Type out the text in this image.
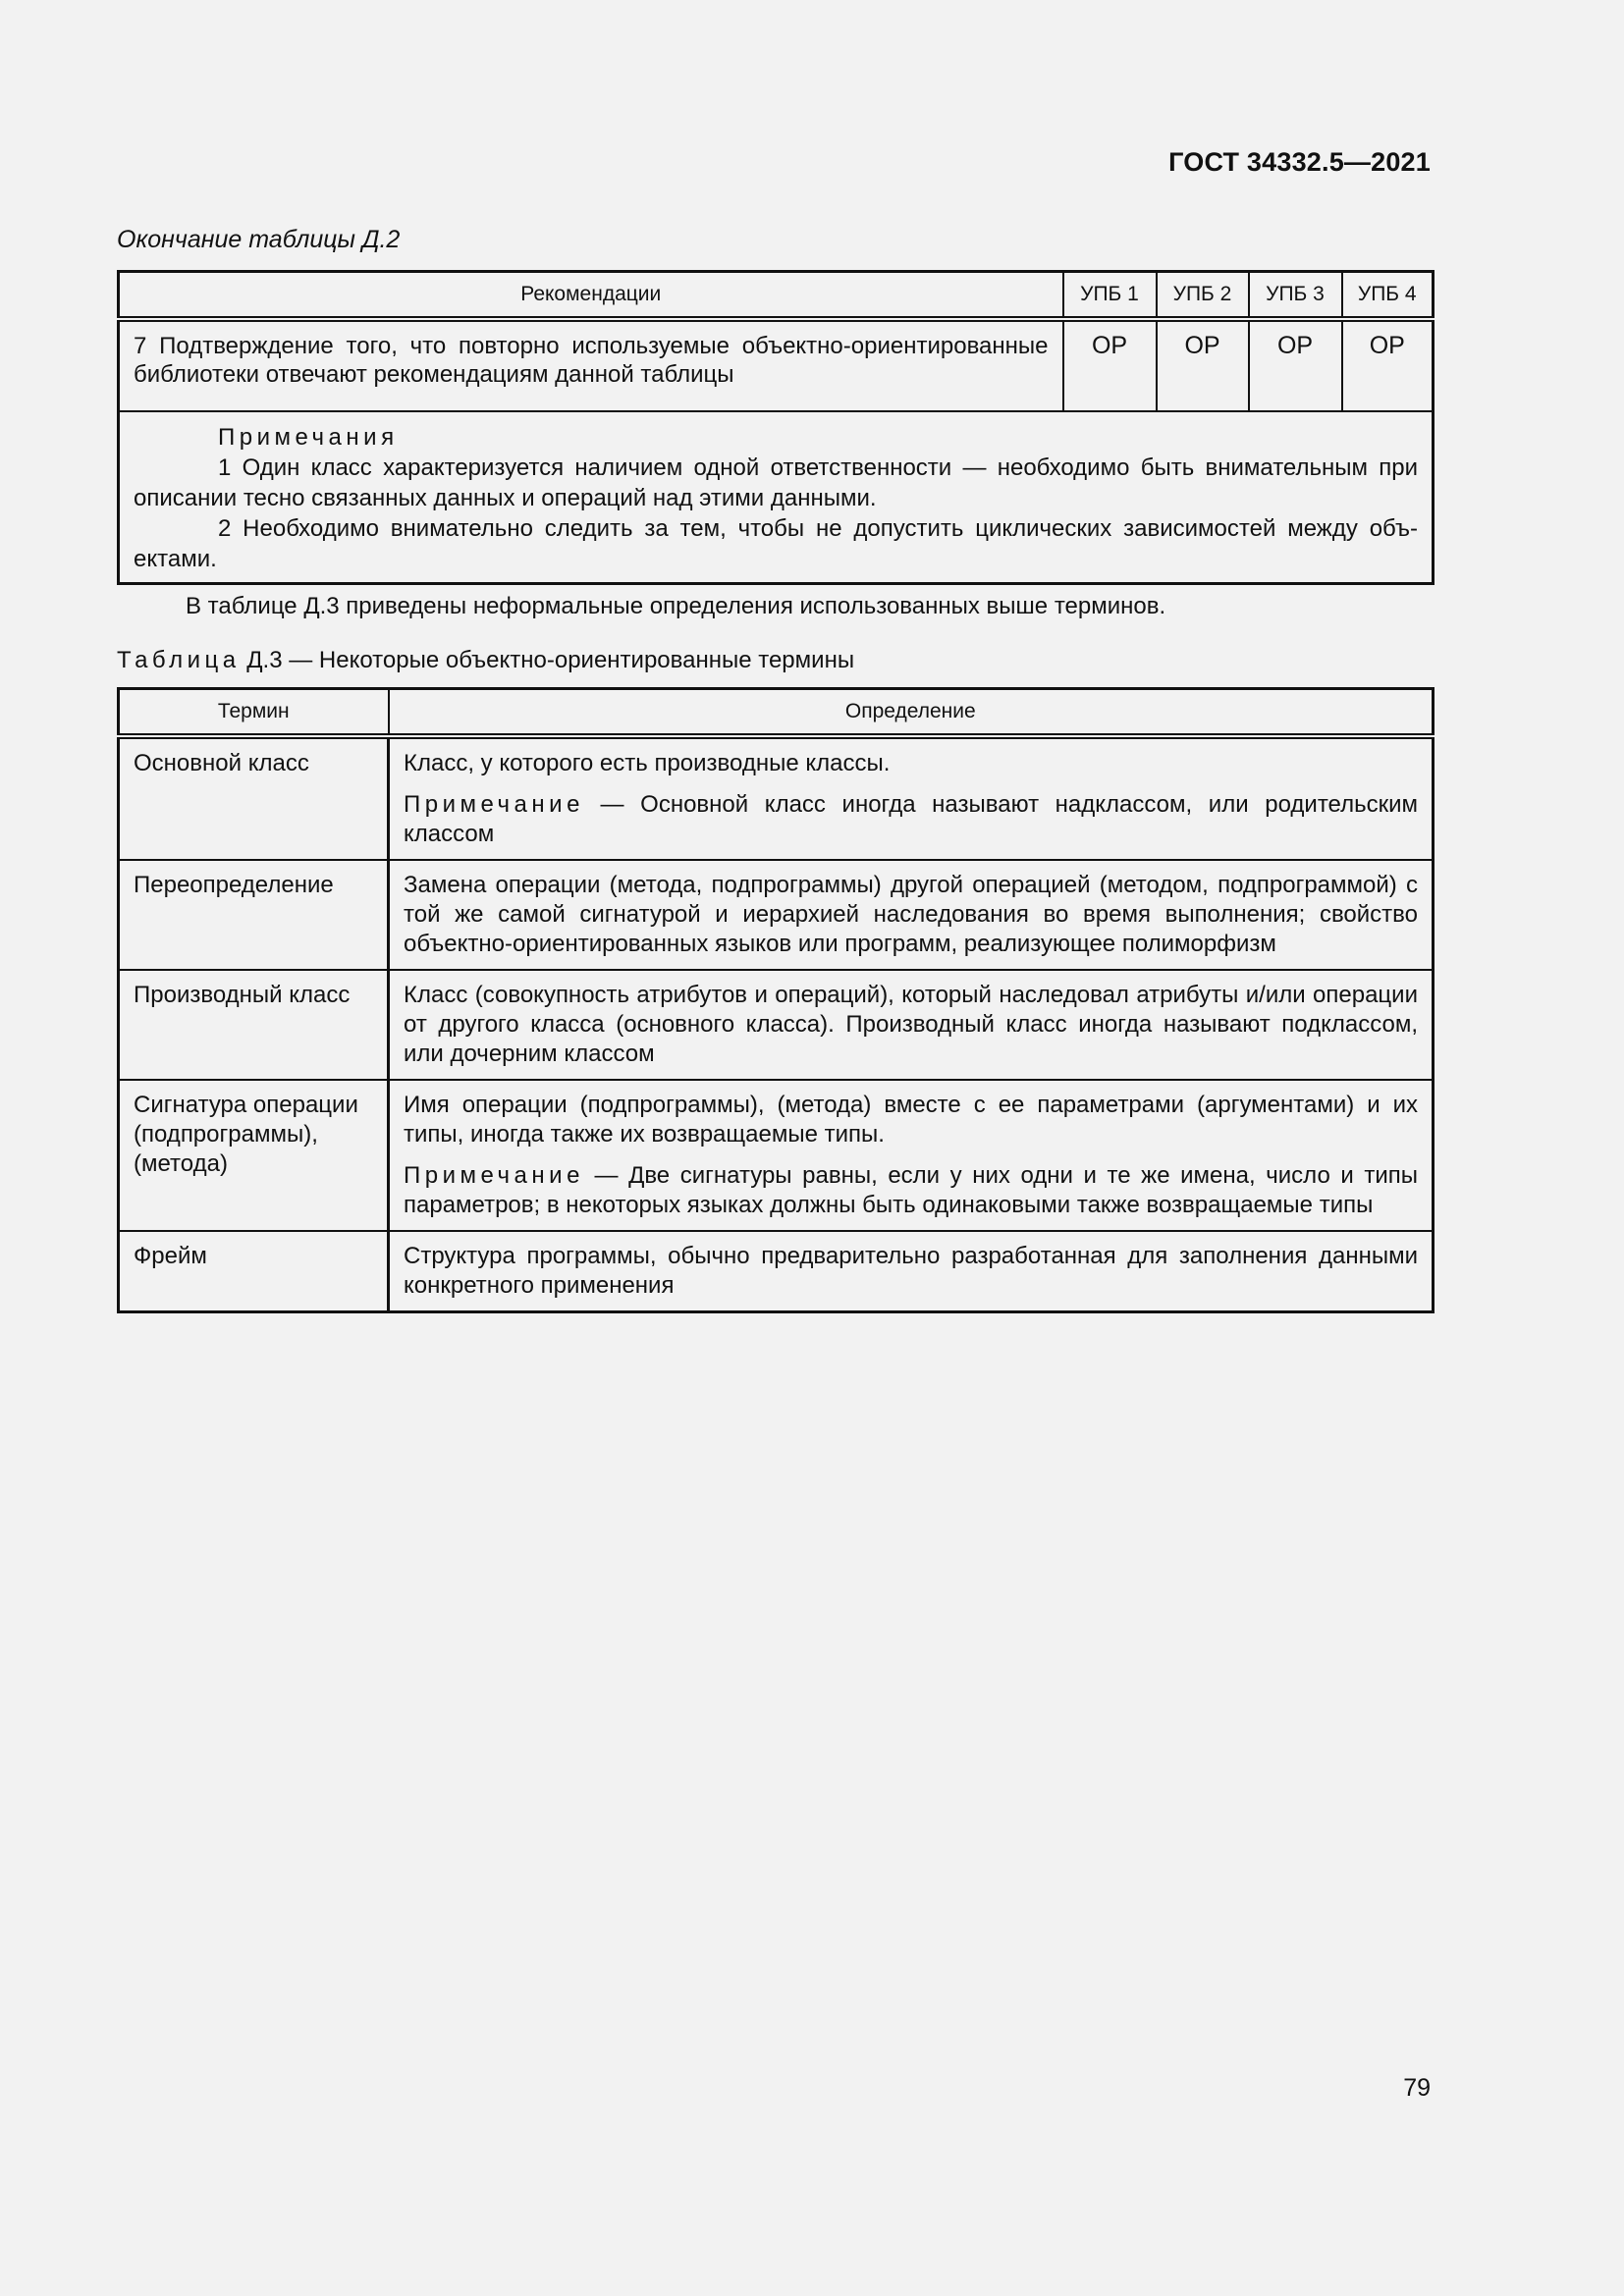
ГОСТ 34332.5—2021
Окончание таблицы Д.2
Рекомендации	УПБ 1	УПБ 2	УПБ 3	УПБ 4
7 Подтверждение того, что повторно используемые объектно-ориентированные библиотеки отвечают рекомендациям данной таблицы	ОР	ОР	ОР	ОР

Примечания
1 Один класс характеризуется наличием одной ответственности — необходимо быть внимательным при описании тесно связанных данных и операций над этими данными.
2 Необходимо внимательно следить за тем, чтобы не допустить циклических зависимостей между объектами.				
В таблице Д.3 приведены неформальные определения использованных выше терминов.
Таблица Д.3 — Некоторые объектно-ориентированные термины
Термин	Определение
Основной класс	Класс, у которого есть производные классы.

Примечание — Основной класс иногда называют надклассом, или родительским классом

Переопределение	Замена операции (метода, подпрограммы) другой операцией (методом, подпрограммой) с той же самой сигнатурой и иерархией наследования во время выполнения; свойство объектно-ориентированных языков или программ, реализующее полиморфизм

Производный класс	Класс (совокупность атрибутов и операций), который наследовал атрибуты и/или операции от другого класса (основного класса). Производный класс иногда называют подклассом, или дочерним классом

Сигнатура операции (подпрограммы), (метода)	Имя операции (подпрограммы), (метода) вместе с ее параметрами (аргументами) и их типы, иногда также их возвращаемые типы.

Примечание — Две сигнатуры равны, если у них одни и те же имена, число и типы параметров; в некоторых языках должны быть одинаковыми также возвращаемые типы

Фрейм	Структура программы, обычно предварительно разработанная для заполнения данными конкретного применения

79
